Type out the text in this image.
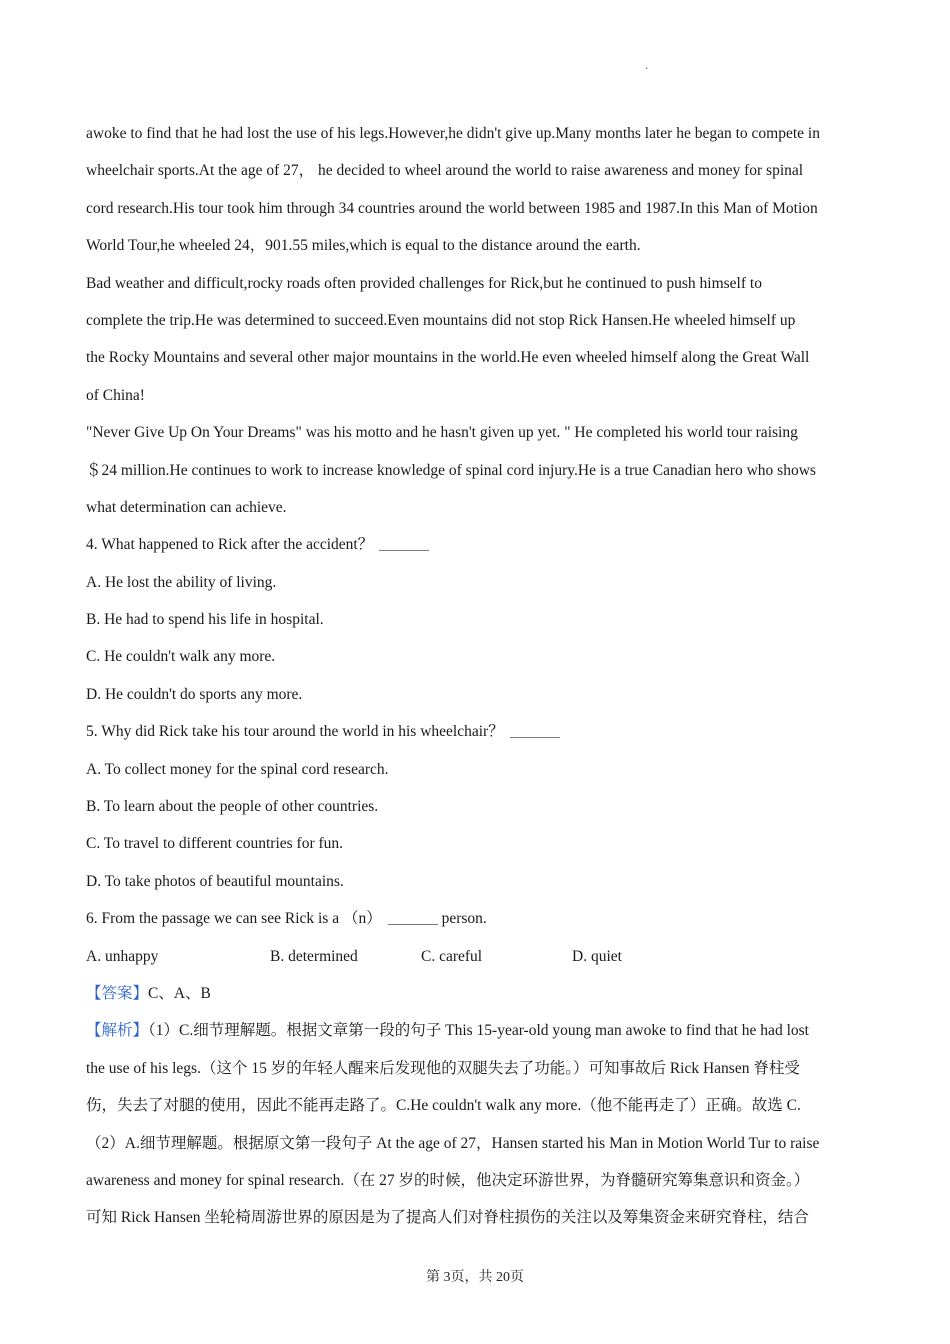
.
awoke to find that he had lost the use of his legs.However,he didn't give up.Many months later he began to compete in
wheelchair sports.At the age of 27， he decided to wheel around the world to raise awareness and money for spinal
cord research.His tour took him through 34 countries around the world between 1985 and 1987.In this Man of Motion
World Tour,he wheeled 24，901.55 miles,which is equal to the distance around the earth.
Bad weather and difficult,rocky roads often provided challenges for Rick,but he continued to push himself to
complete the trip.He was determined to succeed.Even mountains did not stop Rick Hansen.He wheeled himself up
the Rocky Mountains and several other major mountains in the world.He even wheeled himself along the Great Wall
of China!
"Never Give Up On Your Dreams" was his motto and he hasn't given up yet. " He completed his world tour raising
＄24 million.He continues to work to increase knowledge of spinal cord injury.He is a true Canadian hero who shows
what determination can achieve.
4. What happened to Rick after the accident？
A. He lost the ability of living.
B. He had to spend his life in hospital.
C. He couldn't walk any more.
D. He couldn't do sports any more.
5. Why did Rick take his tour around the world in his wheelchair？
A. To collect money for the spinal cord research.
B. To learn about the people of other countries.
C. To travel to different countries for fun.
D. To take photos of beautiful mountains.
6. From the passage we can see Rick is a （n）	person.
A. unhappy	B. determined	C. careful	D. quiet
【答案】C、A、B
【解析】（1）C.细节理解题。根据文章第一段的句子 This 15-year-old young man awoke to find that he had lost
the use of his legs.（这个 15 岁的年轻人醒来后发现他的双腿失去了功能。）可知事故后 Rick Hansen 脊柱受
伤，失去了对腿的使用，因此不能再走路了。C.He couldn't walk any more.（他不能再走了）正确。故选 C.
（2）A.细节理解题。根据原文第一段句子 At the age of 27，Hansen started his Man in Motion World Tur to raise
awareness and money for spinal research.（在 27 岁的时候，他决定环游世界，为脊髓研究筹集意识和资金。）
可知 Rick Hansen 坐轮椅周游世界的原因是为了提高人们对脊柱损伤的关注以及筹集资金来研究脊柱，结合
第 3页，共 20页
